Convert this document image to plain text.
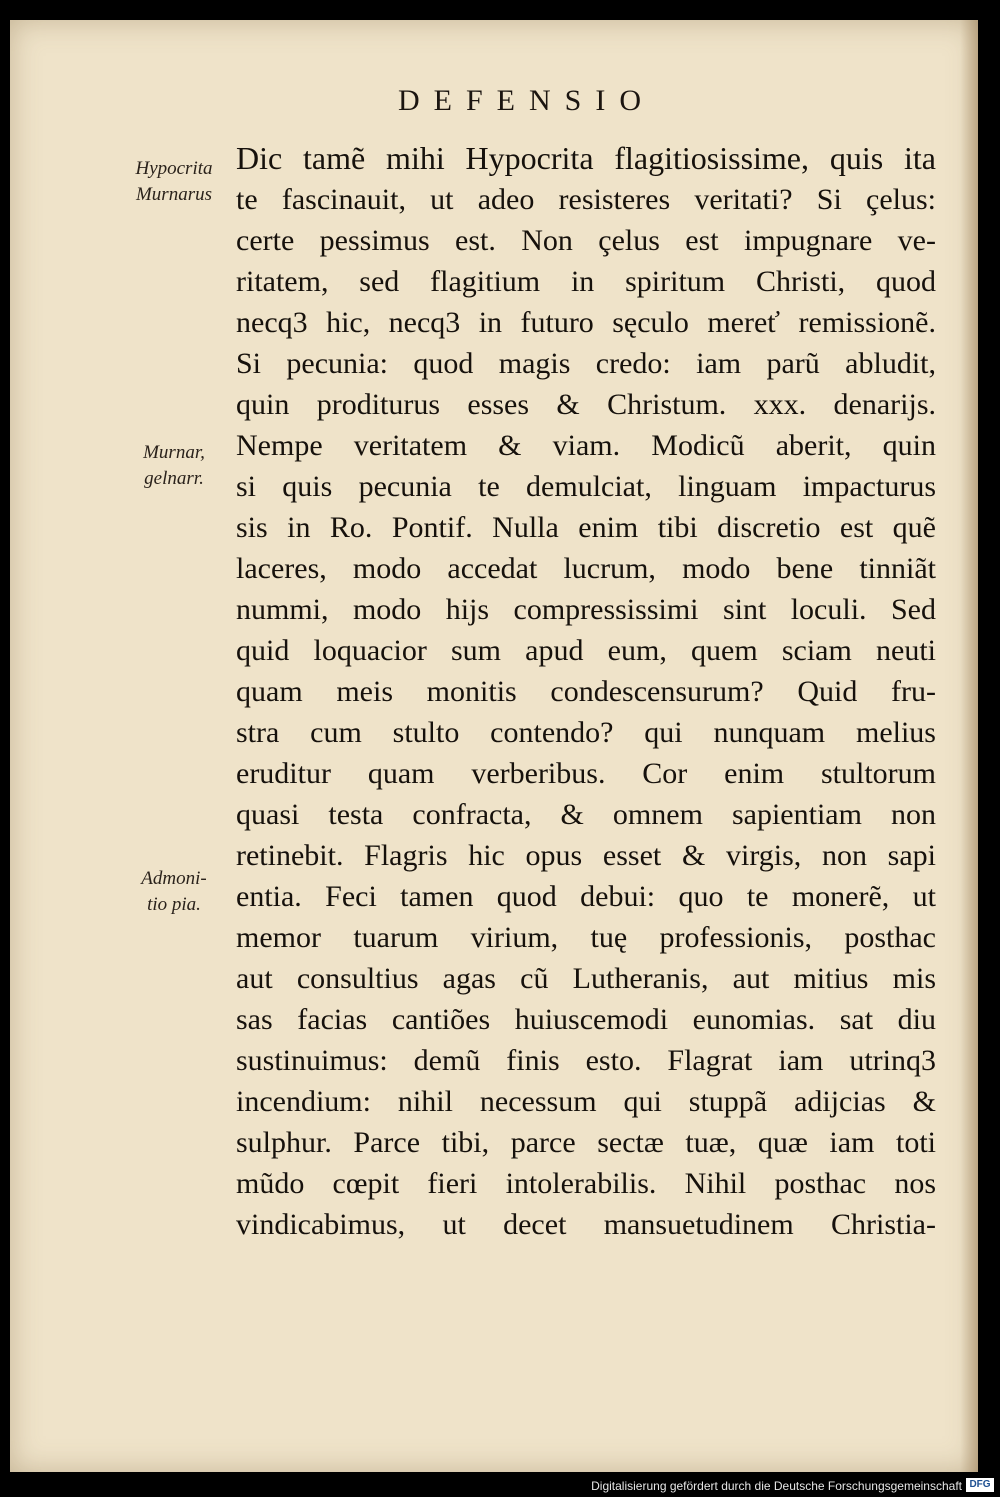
DEFENSIO
Hypocrita
Murnarus
Murnar,
gelnarr.
Admoni-
tio pia.
Dic tamẽ mihi Hypocrita flagitiosissime, quis ita
te fascinauit, ut adeo resisteres veritati? Si çelus:
certe pessimus est. Non çelus est impugnare ve-
ritatem, sed flagitium in spiritum Christi, quod
necq3 hic, necq3 in futuro sęculo mereť remissionẽ.
Si pecunia: quod magis credo: iam parũ abludit,
quin proditurus esses & Christum. xxx. denarijs.
Nempe veritatem & viam. Modicũ aberit, quin
si quis pecunia te demulciat, linguam impacturus
sis in Ro. Pontif. Nulla enim tibi discretio est quẽ
laceres, modo accedat lucrum, modo bene tinniãt
nummi, modo hijs compressissimi sint loculi. Sed
quid loquacior sum apud eum, quem sciam neuti
quam meis monitis condescensurum? Quid fru-
stra cum stulto contendo? qui nunquam melius
eruditur quam verberibus. Cor enim stultorum
quasi testa confracta, & omnem sapientiam non
retinebit. Flagris hic opus esset & virgis, non sapi
entia. Feci tamen quod debui: quo te monerẽ, ut
memor tuarum virium, tuę professionis, posthac
aut consultius agas cũ Lutheranis, aut mitius mis
sas facias cantiões huiuscemodi eunomias. sat diu
sustinuimus: demũ finis esto. Flagrat iam utrinq3
incendium: nihil necessum qui stuppã adijcias &
sulphur. Parce tibi, parce sectæ tuæ, quæ iam toti
mũdo cœpit fieri intolerabilis. Nihil posthac nos
vindicabimus, ut decet mansuetudinem Christia-
Digitalisierung gefördert durch die Deutsche Forschungsgemeinschaft DFG
